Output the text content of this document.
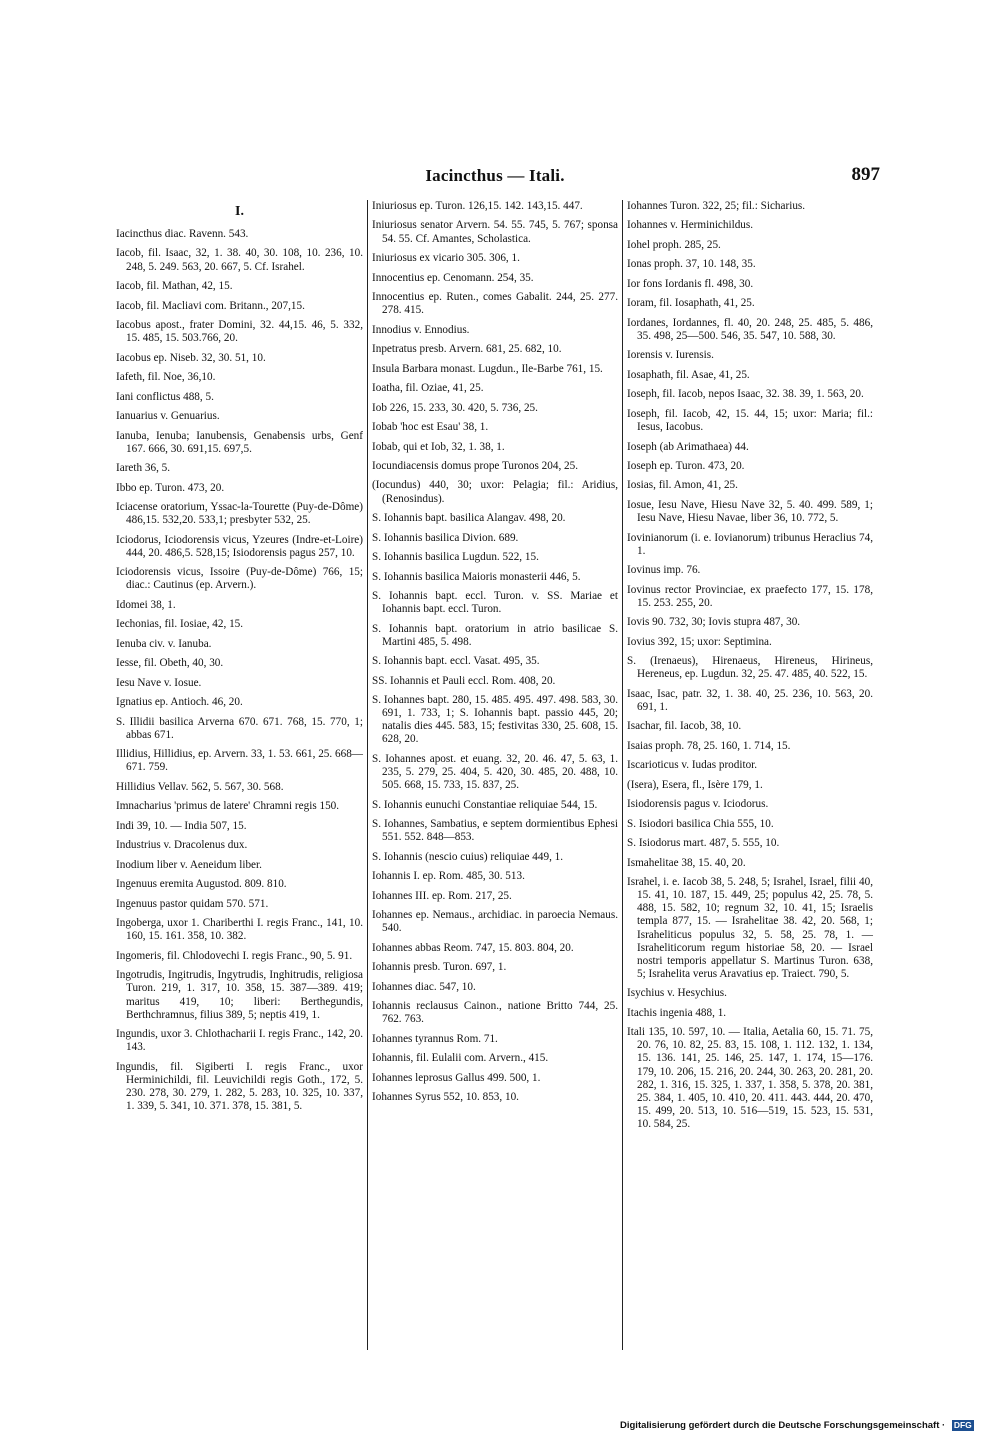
Iacincthus — Itali.	897
I.

Iacincthus diac. Ravenn. 543.

Iacob, fil. Isaac, 32, 1. 38. 40, 30. 108, 10. 236, 10. 248, 5. 249. 563, 20. 667, 5. Cf. Israhel.

Iacob, fil. Mathan, 42, 15.

Iacob, fil. Macliavi com. Britann., 207,15.

Iacobus apost., frater Domini, 32. 44,15. 46, 5. 332, 15. 485, 15. 503.766, 20.

Iacobus ep. Niseb. 32, 30. 51, 10.

Iafeth, fil. Noe, 36,10.

Iani conflictus 488, 5.

Ianuarius v. Genuarius.

Ianuba, Ienuba; Ianubensis, Genabensis urbs, Genf 167. 666, 30. 691,15. 697,5.

Iareth 36, 5.

Ibbo ep. Turon. 473, 20.

Iciacense oratorium, Yssac-la-Tourette (Puy-de-Dôme) 486,15. 532,20. 533,1; presbyter 532, 25.

Iciodorus, Iciodorensis vicus, Yzeures (Indre-et-Loire) 444, 20. 486,5. 528,15; Isiodorensis pagus 257, 10.

Iciodorensis vicus, Issoire (Puy-de-Dôme) 766, 15; diac.: Cautinus (ep. Arvern.).

Idomei 38, 1.

Iechonias, fil. Iosiae, 42, 15.

Ienuba civ. v. Ianuba.

Iesse, fil. Obeth, 40, 30.

Iesu Nave v. Iosue.

Ignatius ep. Antioch. 46, 20.

S. Illidii basilica Arverna 670. 671. 768, 15. 770, 1; abbas 671.

Illidius, Hillidius, ep. Arvern. 33, 1. 53. 661, 25. 668—671. 759.

Hillidius Vellav. 562, 5. 567, 30. 568.

Imnacharius 'primus de latere' Chramni regis 150.

Indi 39, 10. — India 507, 15.

Industrius v. Dracolenus dux.

Inodium liber v. Aeneidum liber.

Ingenuus eremita Augustod. 809. 810.

Ingenuus pastor quidam 570. 571.

Ingoberga, uxor 1. Chariberthi I. regis Franc., 141, 10. 160, 15. 161. 358, 10. 382.

Ingomeris, fil. Chlodovechi I. regis Franc., 90, 5. 91.

Ingotrudis, Ingitrudis, Ingytrudis, Inghitrudis, religiosa Turon. 219, 1. 317, 10. 358, 15. 387—389. 419; maritus 419, 10; liberi: Berthegundis, Berthchramnus, filius 389, 5; neptis 419, 1.

Ingundis, uxor 3. Chlothacharii I. regis Franc., 142, 20. 143.

Ingundis, fil. Sigiberti I. regis Franc., uxor Herminichildi, fil. Leuvichildi regis Goth., 172, 5. 230. 278, 30. 279, 1. 282, 5. 283, 10. 325, 10. 337, 1. 339, 5. 341, 10. 371. 378, 15. 381, 5.

Iniuriosus ep. Turon. 126,15. 142. 143,15. 447.

Iniuriosus senator Arvern. 54. 55. 745, 5. 767; sponsa 54. 55. Cf. Amantes, Scholastica.

Iniuriosus ex vicario 305. 306, 1.

Innocentius ep. Cenomann. 254, 35.

Innocentius ep. Ruten., comes Gabalit. 244, 25. 277. 278. 415.

Innodius v. Ennodius.

Inpetratus presb. Arvern. 681, 25. 682, 10.

Insula Barbara monast. Lugdun., Ile-Barbe 761, 15.

Ioatha, fil. Oziae, 41, 25.

Iob 226, 15. 233, 30. 420, 5. 736, 25.

Iobab 'hoc est Esau' 38, 1.

Iobab, qui et Iob, 32, 1. 38, 1.

Iocundiacensis domus prope Turonos 204, 25.

(Iocundus) 440, 30; uxor: Pelagia; fil.: Aridius, (Renosindus).

S. Iohannis bapt. basilica Alangav. 498, 20.

S. Iohannis basilica Divion. 689.

S. Iohannis basilica Lugdun. 522, 15.

S. Iohannis basilica Maioris monasterii 446, 5.

S. Iohannis bapt. eccl. Turon. v. SS. Mariae et Iohannis bapt. eccl. Turon.

S. Iohannis bapt. oratorium in atrio basilicae S. Martini 485, 5. 498.

S. Iohannis bapt. eccl. Vasat. 495, 35.

SS. Iohannis et Pauli eccl. Rom. 408, 20.

S. Iohannes bapt. 280, 15. 485. 495. 497. 498. 583, 30. 691, 1. 733, 1; S. Iohannis bapt. passio 445, 20; natalis dies 445. 583, 15; festivitas 330, 25. 608, 15. 628, 20.

S. Iohannes apost. et euang. 32, 20. 46. 47, 5. 63, 1. 235, 5. 279, 25. 404, 5. 420, 30. 485, 20. 488, 10. 505. 668, 15. 733, 15. 837, 25.

S. Iohannis eunuchi Constantiae reliquiae 544, 15.

S. Iohannes, Sambatius, e septem dormientibus Ephesi 551. 552. 848—853.

S. Iohannis (nescio cuius) reliquiae 449, 1.

Iohannis I. ep. Rom. 485, 30. 513.

Iohannes III. ep. Rom. 217, 25.

Iohannes ep. Nemaus., archidiac. in paroecia Nemaus. 540.

Iohannes abbas Reom. 747, 15. 803. 804, 20.

Iohannis presb. Turon. 697, 1.

Iohannes diac. 547, 10.

Iohannis reclausus Cainon., natione Britto 744, 25. 762. 763.

Iohannes tyrannus Rom. 71.

Iohannis, fil. Eulalii com. Arvern., 415.

Iohannes leprosus Gallus 499. 500, 1.

Iohannes Syrus 552, 10. 853, 10.

Iohannes Turon. 322, 25; fil.: Sicharius.

Iohannes v. Herminichildus.

Iohel proph. 285, 25.

Ionas proph. 37, 10. 148, 35.

Ior fons Iordanis fl. 498, 30.

Ioram, fil. Iosaphath, 41, 25.

Iordanes, Iordannes, fl. 40, 20. 248, 25. 485, 5. 486, 35. 498, 25—500. 546, 35. 547, 10. 588, 30.

Iorensis v. Iurensis.

Iosaphath, fil. Asae, 41, 25.

Ioseph, fil. Iacob, nepos Isaac, 32. 38. 39, 1. 563, 20.

Ioseph, fil. Iacob, 42, 15. 44, 15; uxor: Maria; fil.: Iesus, Iacobus.

Ioseph (ab Arimathaea) 44.

Ioseph ep. Turon. 473, 20.

Iosias, fil. Amon, 41, 25.

Iosue, Iesu Nave, Hiesu Nave 32, 5. 40. 499. 589, 1; Iesu Nave, Hiesu Navae, liber 36, 10. 772, 5.

Iovinianorum (i. e. Iovianorum) tribunus Heraclius 74, 1.

Iovinus imp. 76.

Iovinus rector Provinciae, ex praefecto 177, 15. 178, 15. 253. 255, 20.

Iovis 90. 732, 30; Iovis stupra 487, 30.

Iovius 392, 15; uxor: Septimina.

S. (Irenaeus), Hirenaeus, Hireneus, Hirineus, Hereneus, ep. Lugdun. 32, 25. 47. 485, 40. 522, 15.

Isaac, Isac, patr. 32, 1. 38. 40, 25. 236, 10. 563, 20. 691, 1.

Isachar, fil. Iacob, 38, 10.

Isaias proph. 78, 25. 160, 1. 714, 15.

Iscarioticus v. Iudas proditor.

(Isera), Esera, fl., Isère 179, 1.

Isiodorensis pagus v. Iciodorus.

S. Isiodori basilica Chia 555, 10.

S. Isiodorus mart. 487, 5. 555, 10.

Ismahelitae 38, 15. 40, 20.

Israhel, i. e. Iacob 38, 5. 248, 5; Israhel, Israel, filii 40, 15. 41, 10. 187, 15. 449, 25; populus 42, 25. 78, 5. 488, 15. 582, 10; regnum 32, 10. 41, 15; Israelis templa 877, 15. — Israhelitae 38. 42, 20. 568, 1; Israheliticus populus 32, 5. 58, 25. 78, 1. — Israheliticorum regum historiae 58, 20. — Israel nostri temporis appellatur S. Martinus Turon. 638, 5; Israhelita verus Aravatius ep. Traiect. 790, 5.

Isychius v. Hesychius.

Itachis ingenia 488, 1.

Itali 135, 10. 597, 10. — Italia, Aetalia 60, 15. 71. 75, 20. 76, 10. 82, 25. 83, 15. 108, 1. 112. 132, 1. 134, 15. 136. 141, 25. 146, 25. 147, 1. 174, 15—176. 179, 10. 206, 15. 216, 20. 244, 30. 263, 20. 281, 20. 282, 1. 316, 15. 325, 1. 337, 1. 358, 5. 378, 20. 381, 25. 384, 1. 405, 10. 410, 20. 411. 443. 444, 20. 470, 15. 499, 20. 513, 10. 516—519, 15. 523, 15. 531, 10. 584, 25.

Digitalisierung gefördert durch die Deutsche Forschungsgemeinschaft · DFG
